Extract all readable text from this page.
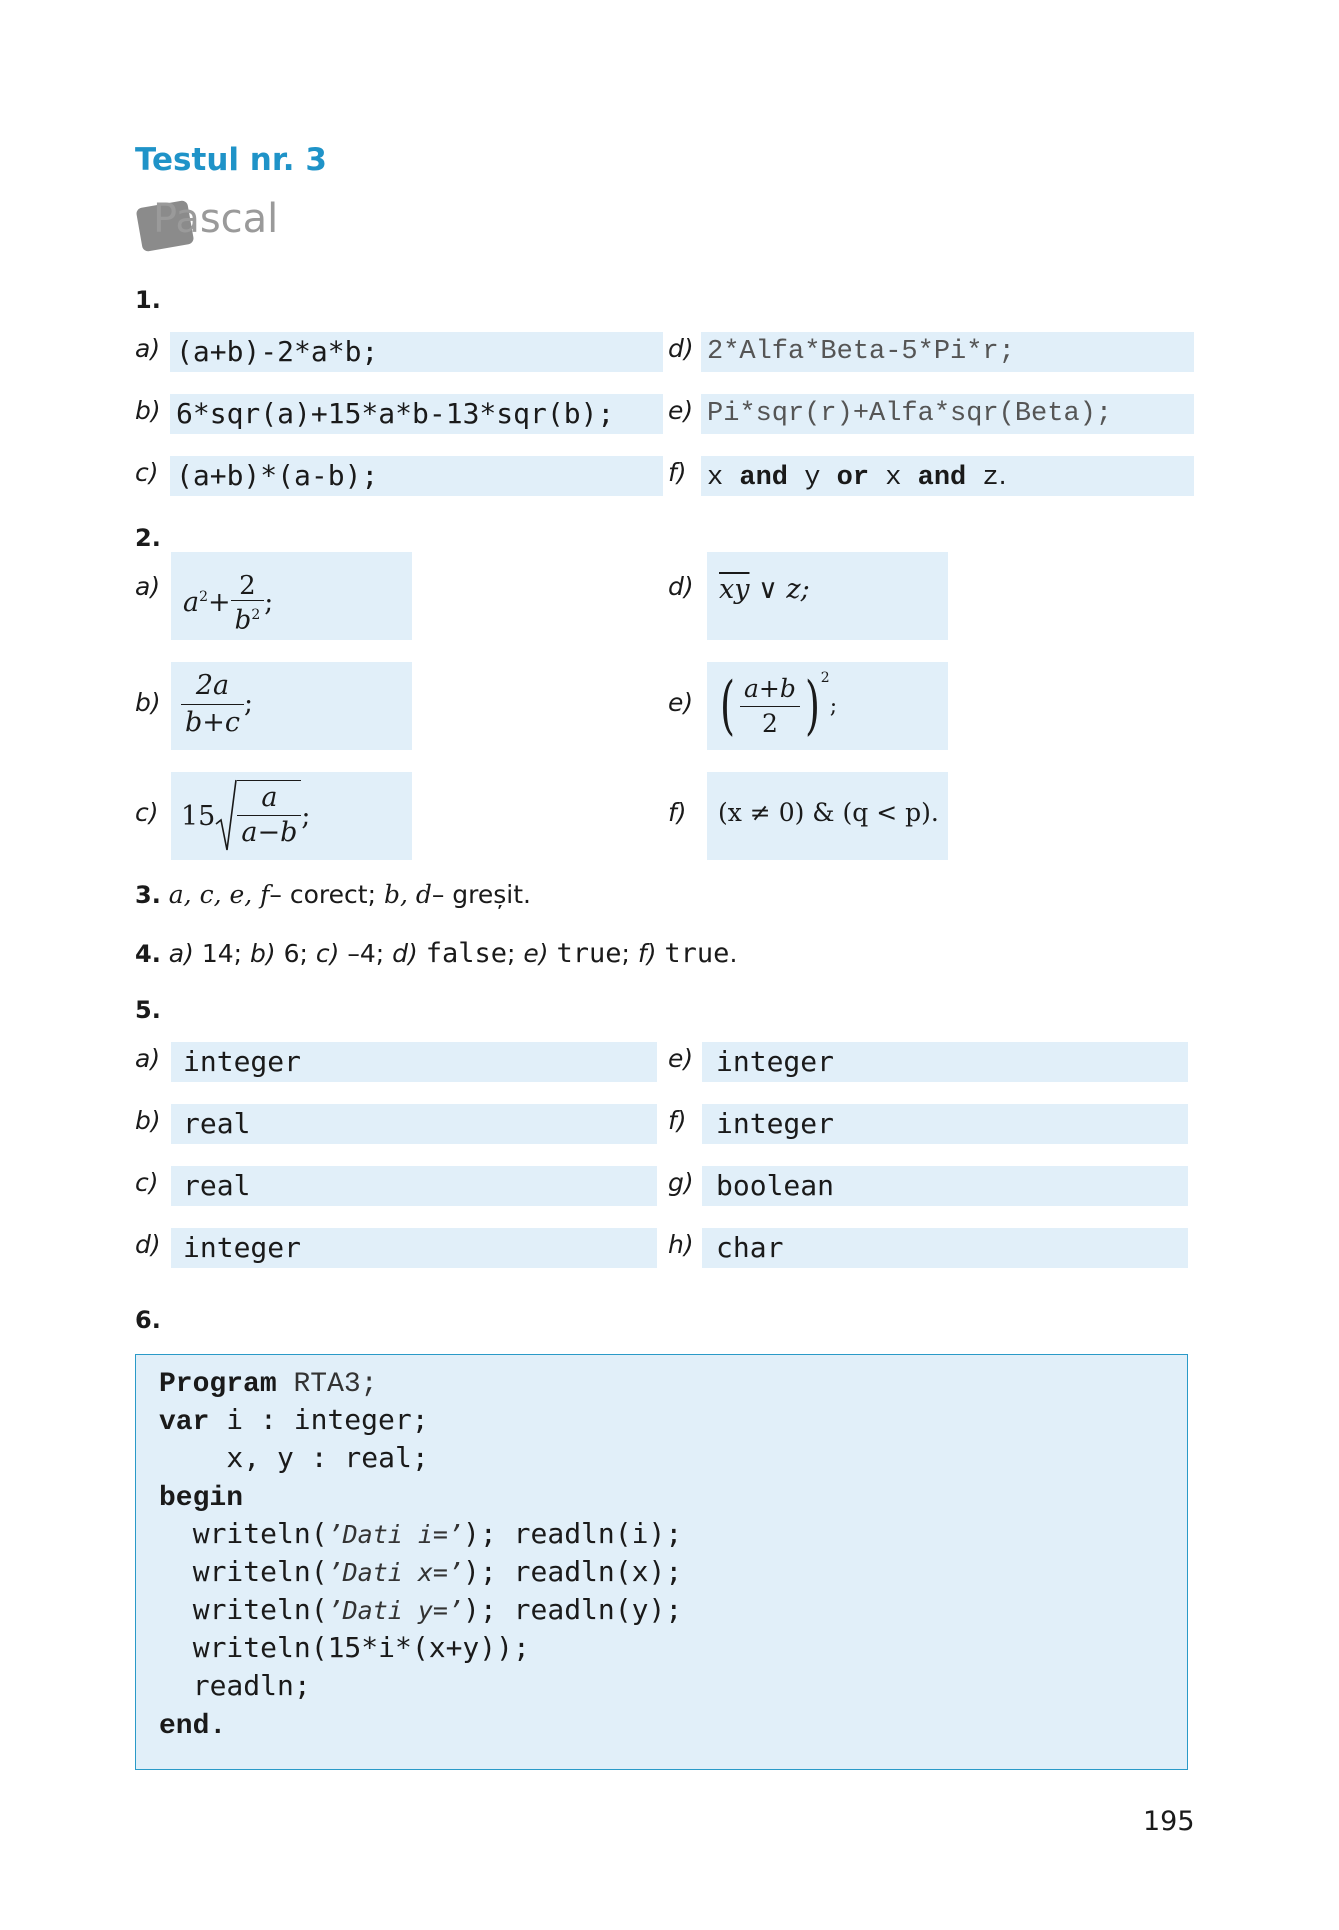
Testul nr. 3
Pascal
1.
a) (a+b)-2*a*b;
b) 6*sqr(a)+15*a*b-13*sqr(b);
c) (a+b)*(a-b);
d) 2*Alfa*Beta-5*Pi*r;
e) Pi*sqr(r)+Alfa*sqr(Beta);
f) x and y or x and z.
2.
a)
$a^2+ \frac{2}{b^2}$ ;
$b) \frac{2a}{b+c}$ ;
c) $15 \frac{a}{a-b}$ ;
d) $\overline{xy}$ ∨ z;
e) ( $\frac{a+b}{2}$ ) 2
;
f) (x ≠ 0) & (q < p).
3. a, c, e, f– corect; b, d– greșit.
4. a) 14; b) 6; c) –4; d) false; e) true; f) true.
5.
a) integer
b) real
c) real
d) integer
e) integer
f)	integer
g) boolean
h) char
6.
Program RTA3;
var i : integer;
x, y : real;
begin
writeln(’Dati i=’); readln(i);
writeln(’Dati x=’); readln(x);
writeln(’Dati y=’); readln(y);
writeln(15*i*(x+y));
readln;
end.
195
